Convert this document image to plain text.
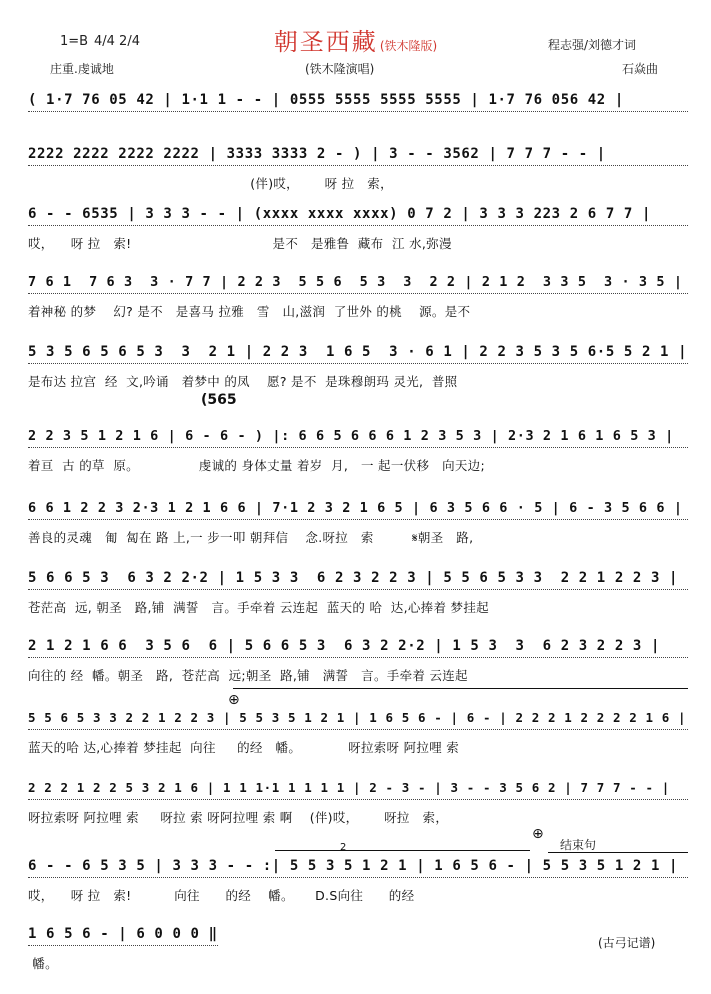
1=B 4/4 2/4	朝圣西藏 (铁木隆版)	程志强/刘德才词
庄重.虔诚地	(铁木隆演唱)	石焱曲
( 1·7 76 05 42 | 1·1 1 - - | 0555 5555 5555 5555 | 1·7 76 056 42 |
2222 2222 2222 2222 | 3333 3333 2 - ) | 3 - - 3562 | 7 7 7 - - |
(伴)哎，      呀 拉   索，
6 - - 6535 | 3 3 3 - - | (xxxx xxxx xxxx) 0 7 2 | 3 3 3 223 2 6 7 7 |
哎，    呀 拉   索!                                 是不   是雅鲁  藏布  江 水,弥漫
7 6 1  7 6 3  3 · 7 7 | 2 2 3  5 5 6  5 3  3  2 2 | 2 1 2  3 3 5  3 · 3 5 |
着神秘 的梦    幻? 是不   是喜马 拉雅   雪   山,滋润  了世外 的桃    源。是不
5 3 5 6 5 6 5 3  3  2 1 | 2 2 3  1 6 5  3 · 6 1 | 2 2 3 5 3 5 6·5 5 2 1 |
是布达 拉宫  经  文,吟诵   着梦中 的凤    愿? 是不  是珠穆朗玛 灵光,  普照
2 2 3 5 1 2 1 6 | 6 - 6 - ) |: 6 6 5 6 6 6 1 2 3 5 3 | 2·3 2 1 6 1 6 5 3 |
着亘  古 的草  原。              虔诚的 身体丈量 着岁  月,   一 起一伏移   向天边;
6 6 1 2 2 3 2·3 1 2 1 6 6 | 7·1 2 3 2 1 6 5 | 6 3 5 6 6 · 5 | 6 - 3 5 6 6 |
善良的灵魂   匍  匐在 路 上,一 步一叩 朝拜信    念.呀拉   索         𝄋朝圣   路,
5 6 6 5 3  6 3 2 2·2 | 1 5 3 3  6 2 3 2 2 3 | 5 5 6 5 3 3  2 2 1 2 2 3 |
苍茫高  远, 朝圣   路,铺  满誓   言。手牵着 云连起  蓝天的 哈  达,心捧着 梦挂起
2 1 2 1 6 6  3 5 6  6 | 5 6 6 5 3  6 3 2 2·2 | 1 5 3  3  6 2 3 2 2 3 |
向往的 经  幡。朝圣   路,  苍茫高  远;朝圣  路,铺   满誓   言。手牵着 云连起
5 5 6 5 3 3 2 2 1 2 2 3 | 5 5 3 5 1 2 1 | 1 6 5 6 - | 6 - | 2 2 2 1 2 2 2 2 1 6 |
蓝天的哈 达,心捧着 梦挂起  向往     的经   幡。           呀拉索呀 阿拉哩 索
2 2 2 1 2 2 5 3 2 1 6 | 1 1 1·1 1 1 1 1 | 2 - 3 - | 3 - - 3 5 6 2 | 7 7 7 - - |
呀拉索呀 阿拉哩 索     呀拉 索 呀阿拉哩 索 啊    (伴)哎，      呀拉   索，
6 - - 6 5 3 5 | 3 3 3 - - :| 5 5 3 5 1 2 1 | 1 6 5 6 - | 5 5 3 5 1 2 1 |
哎，    呀 拉   索!          向往      的经    幡。     D.S向往      的经
1 6 5 6 - | 6 0 0 0 ‖
幡。
(565
⊕
⊕
结束句
2
(古弓记谱)
